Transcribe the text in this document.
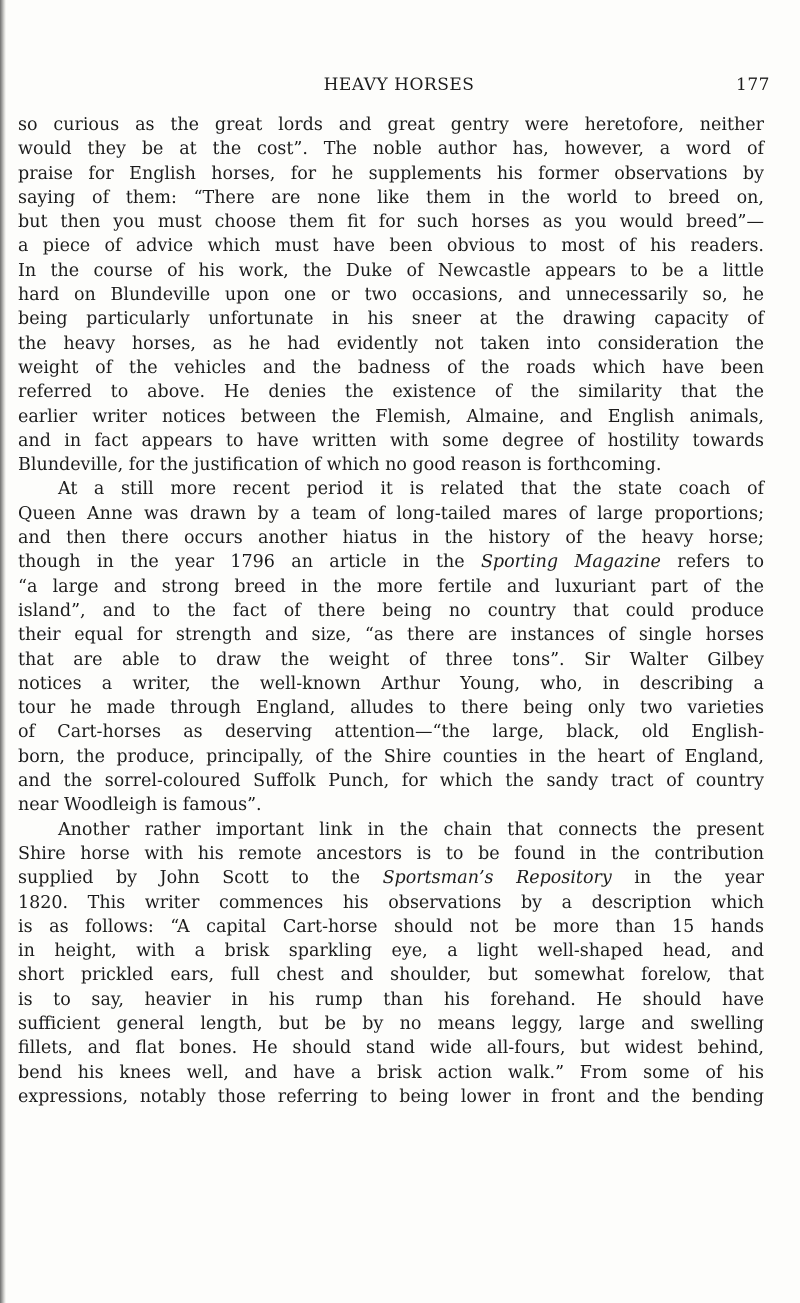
HEAVY HORSES	177
so curious as the great lords and great gentry were heretofore, neither
would they be at the cost”. The noble author has, however, a word of
praise for English horses, for he supplements his former observations by
saying of them: “There are none like them in the world to breed on,
but then you must choose them fit for such horses as you would breed”—
a piece of advice which must have been obvious to most of his readers.
In the course of his work, the Duke of Newcastle appears to be a little
hard on Blundeville upon one or two occasions, and unnecessarily so, he
being particularly unfortunate in his sneer at the drawing capacity of
the heavy horses, as he had evidently not taken into consideration the
weight of the vehicles and the badness of the roads which have been
referred to above. He denies the existence of the similarity that the
earlier writer notices between the Flemish, Almaine, and English animals,
and in fact appears to have written with some degree of hostility towards
Blundeville, for the justification of which no good reason is forthcoming.
At a still more recent period it is related that the state coach of
Queen Anne was drawn by a team of long-tailed mares of large proportions;
and then there occurs another hiatus in the history of the heavy horse;
though in the year 1796 an article in the Sporting Magazine refers to
“a large and strong breed in the more fertile and luxuriant part of the
island”, and to the fact of there being no country that could produce
their equal for strength and size, “as there are instances of single horses
that are able to draw the weight of three tons”. Sir Walter Gilbey
notices a writer, the well-known Arthur Young, who, in describing a
tour he made through England, alludes to there being only two varieties
of Cart-horses as deserving attention—“the large, black, old English-
born, the produce, principally, of the Shire counties in the heart of England,
and the sorrel-coloured Suffolk Punch, for which the sandy tract of country
near Woodleigh is famous”.
Another rather important link in the chain that connects the present
Shire horse with his remote ancestors is to be found in the contribution
supplied by John Scott to the Sportsman’s Repository in the year
1820. This writer commences his observations by a description which
is as follows: “A capital Cart-horse should not be more than 15 hands
in height, with a brisk sparkling eye, a light well-shaped head, and
short prickled ears, full chest and shoulder, but somewhat forelow, that
is to say, heavier in his rump than his forehand. He should have
sufficient general length, but be by no means leggy, large and swelling
fillets, and flat bones. He should stand wide all-fours, but widest behind,
bend his knees well, and have a brisk action walk.” From some of his
expressions, notably those referring to being lower in front and the bending
